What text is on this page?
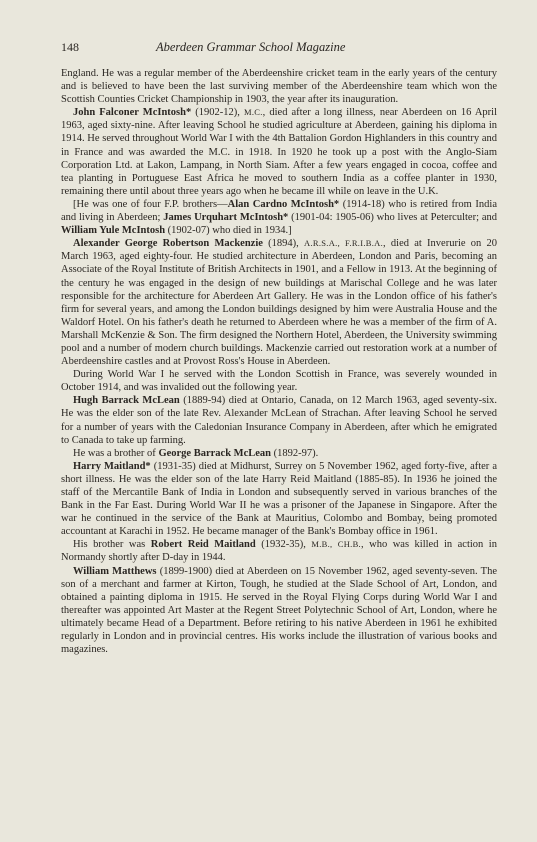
148	Aberdeen Grammar School Magazine

England. He was a regular member of the Aberdeenshire cricket team in the early years of the century and is believed to have been the last surviving member of the Aberdeenshire team which won the Scottish Counties Cricket Championship in 1903, the year after its inauguration.

John Falconer McIntosh* (1902-12), M.C., died after a long illness, near Aberdeen on 16 April 1963, aged sixty-nine. After leaving School he studied agriculture at Aberdeen, gaining his diploma in 1914. He served throughout World War I with the 4th Battalion Gordon Highlanders in this country and in France and was awarded the M.C. in 1918. In 1920 he took up a post with the Anglo-Siam Corporation Ltd. at Lakon, Lampang, in North Siam. After a few years engaged in cocoa, coffee and tea planting in Portuguese East Africa he moved to southern India as a coffee planter in 1930, remaining there until about three years ago when he became ill while on leave in the U.K.

[He was one of four F.P. brothers—Alan Cardno McIntosh* (1914-18) who is retired from India and living in Aberdeen; James Urquhart McIntosh* (1901-04: 1905-06) who lives at Peterculter; and William Yule McIntosh (1902-07) who died in 1934.]

Alexander George Robertson Mackenzie (1894), A.R.S.A., F.R.I.B.A., died at Inverurie on 20 March 1963, aged eighty-four. He studied architecture in Aberdeen, London and Paris, becoming an Associate of the Royal Institute of British Architects in 1901, and a Fellow in 1913. At the beginning of the century he was engaged in the design of new buildings at Marischal College and he was later responsible for the architecture for Aberdeen Art Gallery. He was in the London office of his father's firm for several years, and among the London buildings designed by him were Australia House and the Waldorf Hotel. On his father's death he returned to Aberdeen where he was a member of the firm of A. Marshall McKenzie & Son. The firm designed the Northern Hotel, Aberdeen, the University swimming pool and a number of modern church buildings. Mackenzie carried out restoration work at a number of Aberdeenshire castles and at Provost Ross's House in Aberdeen.

During World War I he served with the London Scottish in France, was severely wounded in October 1914, and was invalided out the following year.

Hugh Barrack McLean (1889-94) died at Ontario, Canada, on 12 March 1963, aged seventy-six. He was the elder son of the late Rev. Alexander McLean of Strachan. After leaving School he served for a number of years with the Caledonian Insurance Company in Aberdeen, after which he emigrated to Canada to take up farming.

He was a brother of George Barrack McLean (1892-97).

Harry Maitland* (1931-35) died at Midhurst, Surrey on 5 November 1962, aged forty-five, after a short illness. He was the elder son of the late Harry Reid Maitland (1885-85). In 1936 he joined the staff of the Mercantile Bank of India in London and subsequently served in various branches of the Bank in the Far East. During World War II he was a prisoner of the Japanese in Singapore. After the war he continued in the service of the Bank at Mauritius, Colombo and Bombay, being promoted accountant at Karachi in 1952. He became manager of the Bank's Bombay office in 1961.

His brother was Robert Reid Maitland (1932-35), M.B., CH.B., who was killed in action in Normandy shortly after D-day in 1944.

William Matthews (1899-1900) died at Aberdeen on 15 November 1962, aged seventy-seven. The son of a merchant and farmer at Kirton, Tough, he studied at the Slade School of Art, London, and obtained a painting diploma in 1915. He served in the Royal Flying Corps during World War I and thereafter was appointed Art Master at the Regent Street Polytechnic School of Art, London, where he ultimately became Head of a Department. Before retiring to his native Aberdeen in 1961 he exhibited regularly in London and in provincial centres. His works include the illustration of various books and magazines.
